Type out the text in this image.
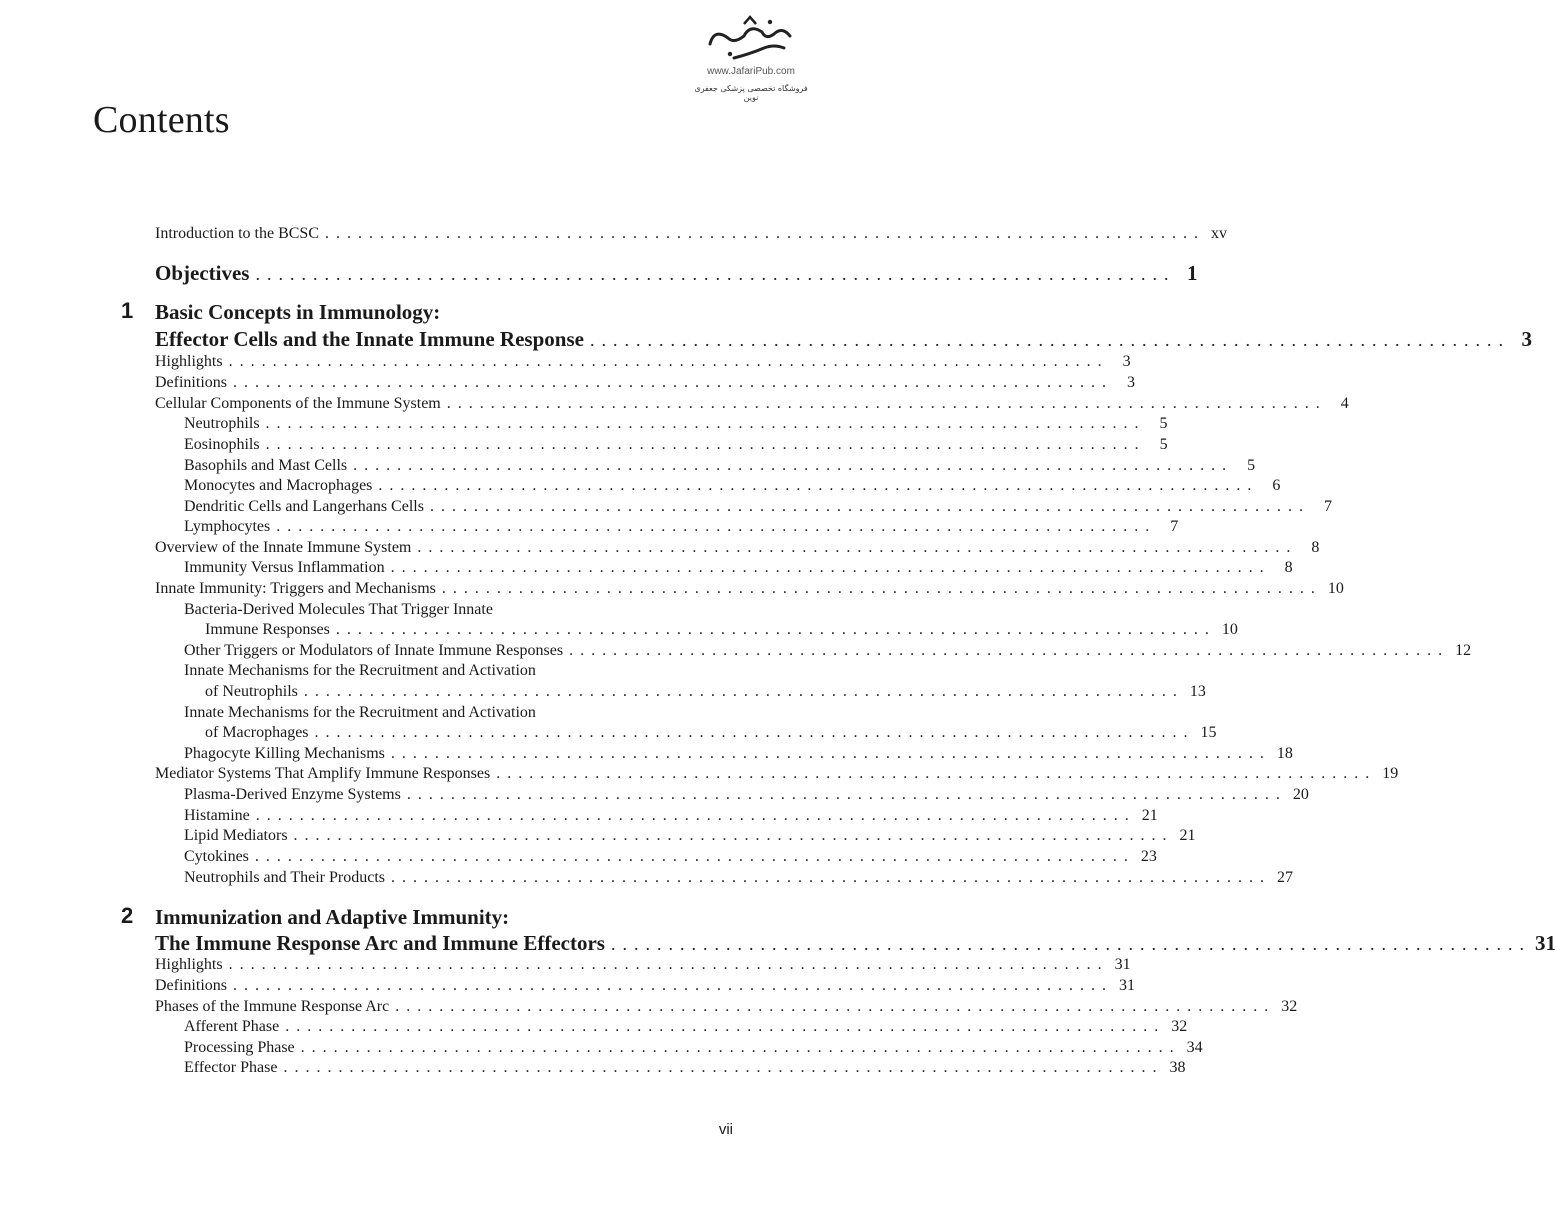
www.JafariPub.com
فروشگاه تخصصی پزشکی جعفری نوین
Contents
Introduction to the BCSC ................................................................................ xv
Objectives ................................................................................ 1
1 Basic Concepts in Immunology:
Effector Cells and the Innate Immune Response ................................................................................ 3
Highlights ................................................................................ 3
Definitions ................................................................................ 3
Cellular Components of the Immune System ................................................................................ 4
Neutrophils ................................................................................ 5
Eosinophils ................................................................................ 5
Basophils and Mast Cells ................................................................................ 5
Monocytes and Macrophages ................................................................................ 6
Dendritic Cells and Langerhans Cells ................................................................................ 7
Lymphocytes ................................................................................ 7
Overview of the Innate Immune System ................................................................................ 8
Immunity Versus Inflammation ................................................................................ 8
Innate Immunity: Triggers and Mechanisms ................................................................................ 10
Bacteria-Derived Molecules That Trigger Innate
Immune Responses ................................................................................ 10
Other Triggers or Modulators of Innate Immune Responses ................................................................................ 12
Innate Mechanisms for the Recruitment and Activation
of Neutrophils ................................................................................ 13
Innate Mechanisms for the Recruitment and Activation
of Macrophages ................................................................................ 15
Phagocyte Killing Mechanisms ................................................................................ 18
Mediator Systems That Amplify Immune Responses ................................................................................ 19
Plasma-Derived Enzyme Systems ................................................................................ 20
Histamine ................................................................................ 21
Lipid Mediators ................................................................................ 21
Cytokines ................................................................................ 23
Neutrophils and Their Products ................................................................................ 27
2 Immunization and Adaptive Immunity:
The Immune Response Arc and Immune Effectors ................................................................................ 31
Highlights ................................................................................ 31
Definitions ................................................................................ 31
Phases of the Immune Response Arc ................................................................................ 32
Afferent Phase ................................................................................ 32
Processing Phase ................................................................................ 34
Effector Phase ................................................................................ 38
vii
